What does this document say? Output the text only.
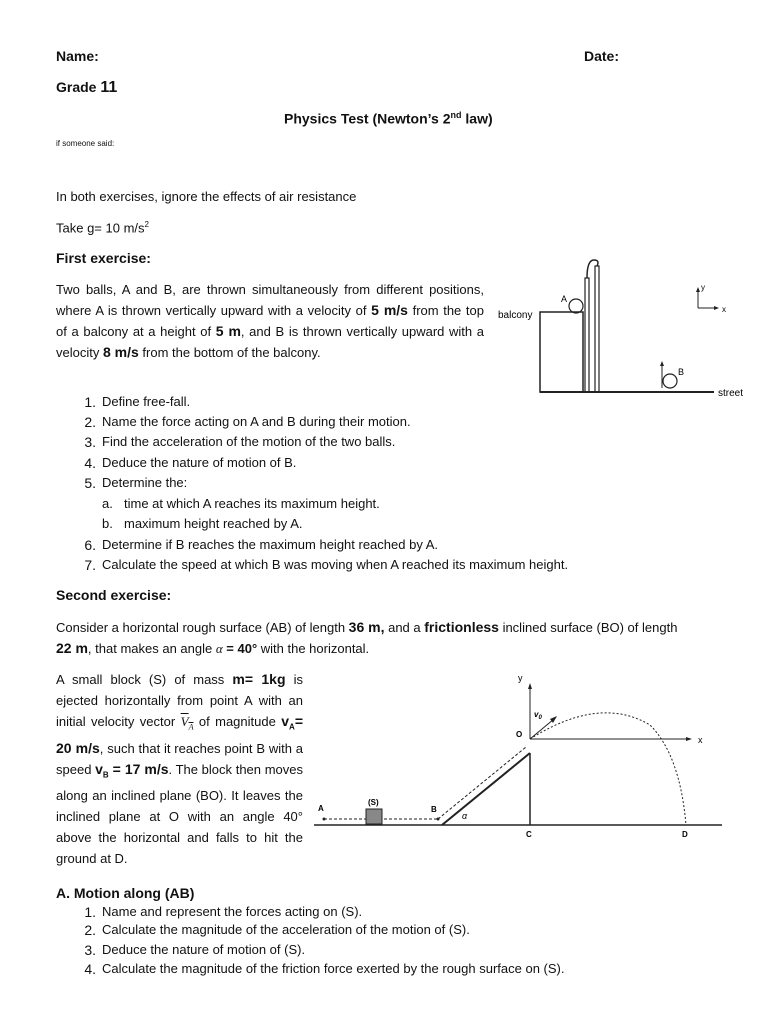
Name:	Date:
Grade 11
Physics Test (Newton’s 2nd law)
if someone said:
In both exercises, ignore the effects of air resistance
Take g= 10 $m/s^2$
First exercise:
Two balls, A and B, are thrown simultaneously from different positions, where A is thrown vertically upward with a velocity of 5 m/s from the top of a balcony at a height of 5 m, and B is thrown vertically upward with a velocity 8 m/s from the bottom of the balcony.
A
balcony
street
B
y
x
1. Define free-fall.
2. Name the force acting on A and B during their motion.
3. Find the acceleration of the motion of the two balls.
4. Deduce the nature of motion of B.
5. Determine the:
a. time at which A reaches its maximum height.
b. maximum height reached by A.
6. Determine if B reaches the maximum height reached by A.
7. Calculate the speed at which B was moving when A reached its maximum height.
Second exercise:
Consider a horizontal rough surface (AB) of length 36 m, and a frictionless inclined surface (BO) of length
22 m, that makes an angle α = 40° with the horizontal.
A small block (S) of mass m= 1kg is ejected horizontally from point A with an initial velocity vector $V_A$ of magnitude $v_A= 20$ m/s, such that it reaches point B with a speed $v_B = 17$ m/s. The block then moves along an inclined plane (BO). It leaves the inclined plane at O with an angle 40° above the horizontal and falls to hit the ground at D.
A
(S)
B
α
C
y
O
x
$v_0$
D
A. Motion along (AB)
1. Name and represent the forces acting on (S).
2. Calculate the magnitude of the acceleration of the motion of (S).
3. Deduce the nature of motion of (S).
4. Calculate the magnitude of the friction force exerted by the rough surface on (S).
